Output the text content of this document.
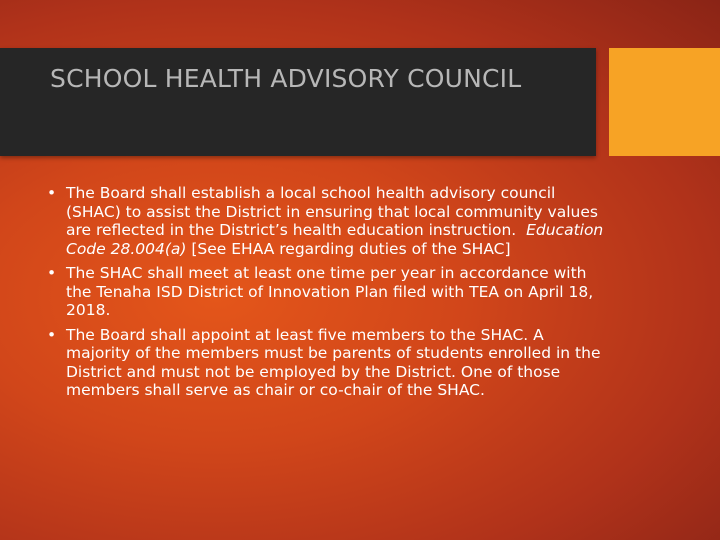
SCHOOL HEALTH ADVISORY COUNCIL
• The Board shall establish a local school health advisory council (SHAC) to assist the District in ensuring that local community values are reflected in the District’s health education instruction. Education Code 28.004(a) [See EHAA regarding duties of the SHAC]
• The SHAC shall meet at least one time per year in accordance with the Tenaha ISD District of Innovation Plan filed with TEA on April 18, 2018.
• The Board shall appoint at least five members to the SHAC. A majority of the members must be parents of students enrolled in the District and must not be employed by the District. One of those members shall serve as chair or co-chair of the SHAC.
